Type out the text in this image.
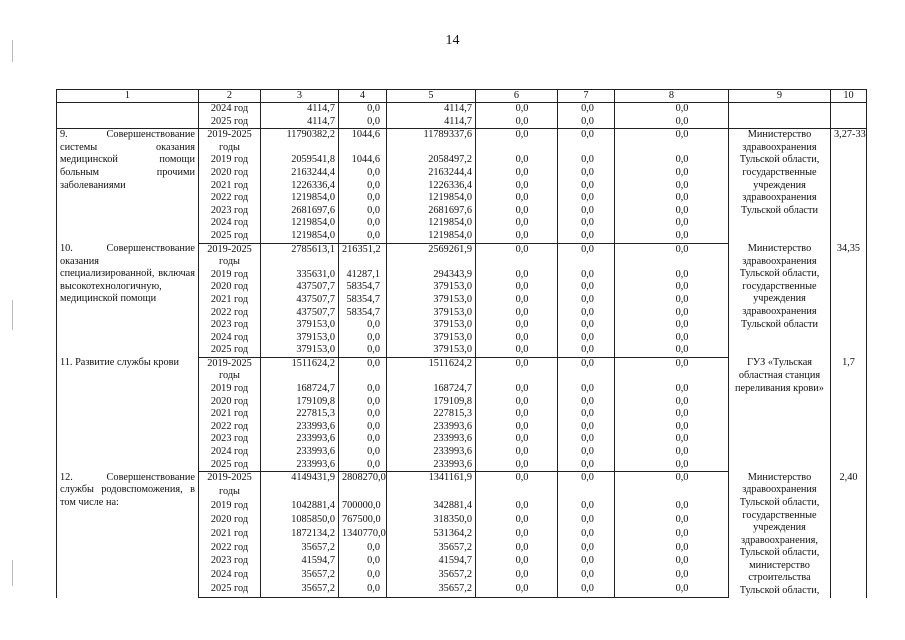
14
1	2	3	4	5	6	7	8	9	10
	2024 год	4114,7	0,0	4114,7	0,0	0,0	0,0		
	2025 год	4114,7	0,0	4114,7	0,0	0,0	0,0		
9. Совершенствование системы оказания медицинской помощи больным прочими заболеваниями	2019-2025	11790382,2	1044,6	11789337,6	0,0	0,0	0,0	Министерство здравоохранения Тульской области, государственные учреждения здравоохранения Тульской области	3,27-33
	годы								
	2019 год	2059541,8	1044,6	2058497,2	0,0	0,0	0,0		
	2020 год	2163244,4	0,0	2163244,4	0,0	0,0	0,0		
	2021 год	1226336,4	0,0	1226336,4	0,0	0,0	0,0		
	2022 год	1219854,0	0,0	1219854,0	0,0	0,0	0,0		
	2023 год	2681697,6	0,0	2681697,6	0,0	0,0	0,0		
	2024 год	1219854,0	0,0	1219854,0	0,0	0,0	0,0		
	2025 год	1219854,0	0,0	1219854,0	0,0	0,0	0,0		
10. Совершенствование оказания специализированной, включая высокотехнологичную, медицинской помощи	2019-2025	2785613,1	216351,2	2569261,9	0,0	0,0	0,0	Министерство здравоохранения Тульской области, государственные учреждения здравоохранения Тульской области	34,35
	годы								
	2019 год	335631,0	41287,1	294343,9	0,0	0,0	0,0		
	2020 год	437507,7	58354,7	379153,0	0,0	0,0	0,0		
	2021 год	437507,7	58354,7	379153,0	0,0	0,0	0,0		
	2022 год	437507,7	58354,7	379153,0	0,0	0,0	0,0		
	2023 год	379153,0	0,0	379153,0	0,0	0,0	0,0		
	2024 год	379153,0	0,0	379153,0	0,0	0,0	0,0		
	2025 год	379153,0	0,0	379153,0	0,0	0,0	0,0		
11. Развитие службы крови	2019-2025	1511624,2	0,0	1511624,2	0,0	0,0	0,0	ГУЗ «Тульская областная станция переливания крови»	1,7
	годы								
	2019 год	168724,7	0,0	168724,7	0,0	0,0	0,0		
	2020 год	179109,8	0,0	179109,8	0,0	0,0	0,0		
	2021 год	227815,3	0,0	227815,3	0,0	0,0	0,0		
	2022 год	233993,6	0,0	233993,6	0,0	0,0	0,0		
	2023 год	233993,6	0,0	233993,6	0,0	0,0	0,0		
	2024 год	233993,6	0,0	233993,6	0,0	0,0	0,0		
	2025 год	233993,6	0,0	233993,6	0,0	0,0	0,0		
12. Совершенствование службы родовспоможения, в том числе на:	2019-2025	4149431,9	2808270,0	1341161,9	0,0	0,0	0,0	Министерство здравоохранения Тульской области, государственные учреждения здравоохранения, Тульской области, министерство строительства Тульской области,	2,40
	годы								
	2019 год	1042881,4	700000,0	342881,4	0,0	0,0	0,0		
	2020 год	1085850,0	767500,0	318350,0	0,0	0,0	0,0		
	2021 год	1872134,2	1340770,0	531364,2	0,0	0,0	0,0		
	2022 год	35657,2	0,0	35657,2	0,0	0,0	0,0		
	2023 год	41594,7	0,0	41594,7	0,0	0,0	0,0		
	2024 год	35657,2	0,0	35657,2	0,0	0,0	0,0		
	2025 год	35657,2	0,0	35657,2	0,0	0,0	0,0		
